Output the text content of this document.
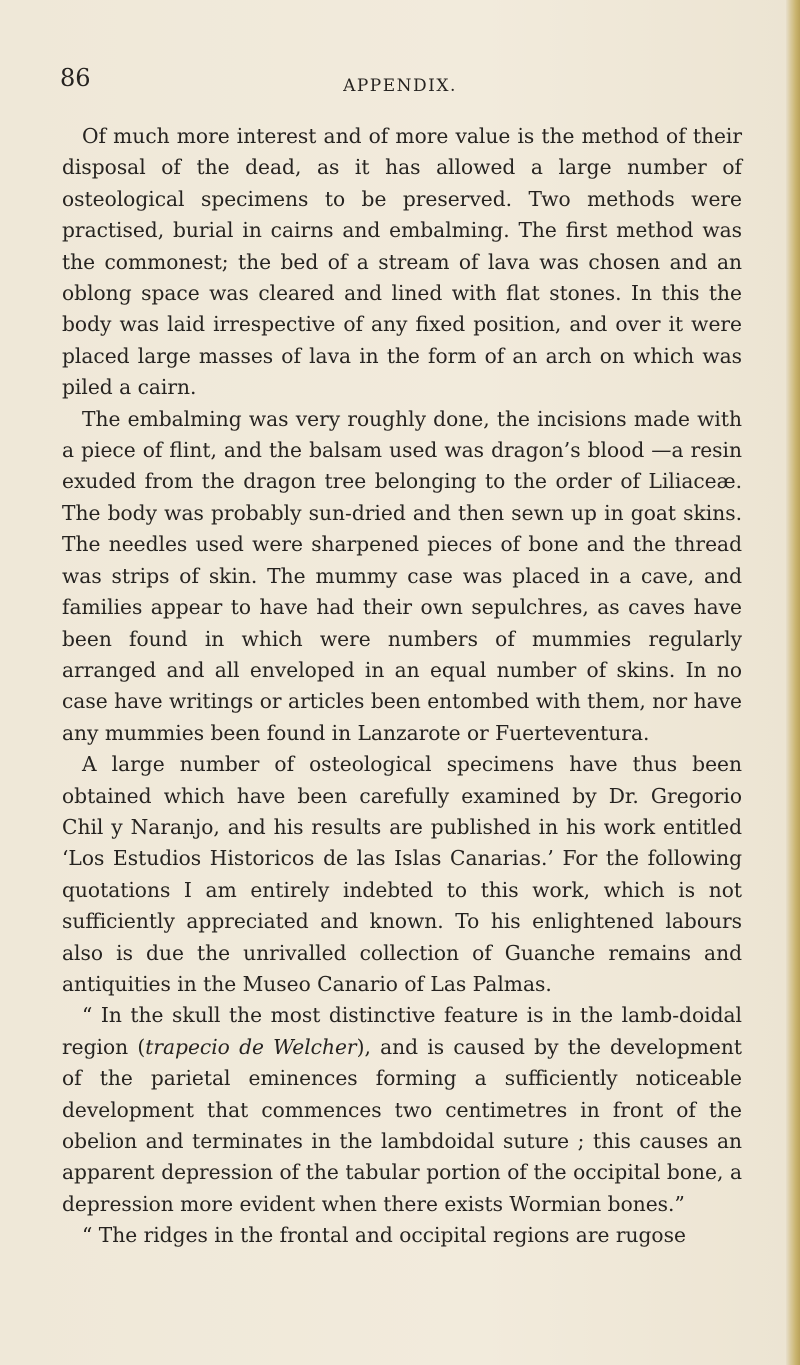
86	APPENDIX.

Of much more interest and of more value is the method of their disposal of the dead, as it has allowed a large number of osteological specimens to be preserved. Two methods were practised, burial in cairns and embalming. The first method was the commonest; the bed of a stream of lava was chosen and an oblong space was cleared and lined with flat stones. In this the body was laid irrespective of any fixed position, and over it were placed large masses of lava in the form of an arch on which was piled a cairn.

The embalming was very roughly done, the incisions made with a piece of flint, and the balsam used was dragon’s blood —a resin exuded from the dragon tree belonging to the order of Liliaceæ. The body was probably sun-dried and then sewn up in goat skins. The needles used were sharpened pieces of bone and the thread was strips of skin. The mummy case was placed in a cave, and families appear to have had their own sepulchres, as caves have been found in which were numbers of mummies regularly arranged and all enveloped in an equal number of skins. In no case have writings or articles been entombed with them, nor have any mummies been found in Lanzarote or Fuerteventura.

A large number of osteological specimens have thus been obtained which have been carefully examined by Dr. Gregorio Chil y Naranjo, and his results are published in his work entitled ‘Los Estudios Historicos de las Islas Canarias.’ For the following quotations I am entirely indebted to this work, which is not sufficiently appreciated and known. To his enlightened labours also is due the unrivalled collection of Guanche remains and antiquities in the Museo Canario of Las Palmas.

“ In the skull the most distinctive feature is in the lamb-doidal region (trapecio de Welcher), and is caused by the development of the parietal eminences forming a sufficiently noticeable development that commences two centimetres in front of the obelion and terminates in the lambdoidal suture ; this causes an apparent depression of the tabular portion of the occipital bone, a depression more evident when there exists Wormian bones.”

“ The ridges in the frontal and occipital regions are rugose
